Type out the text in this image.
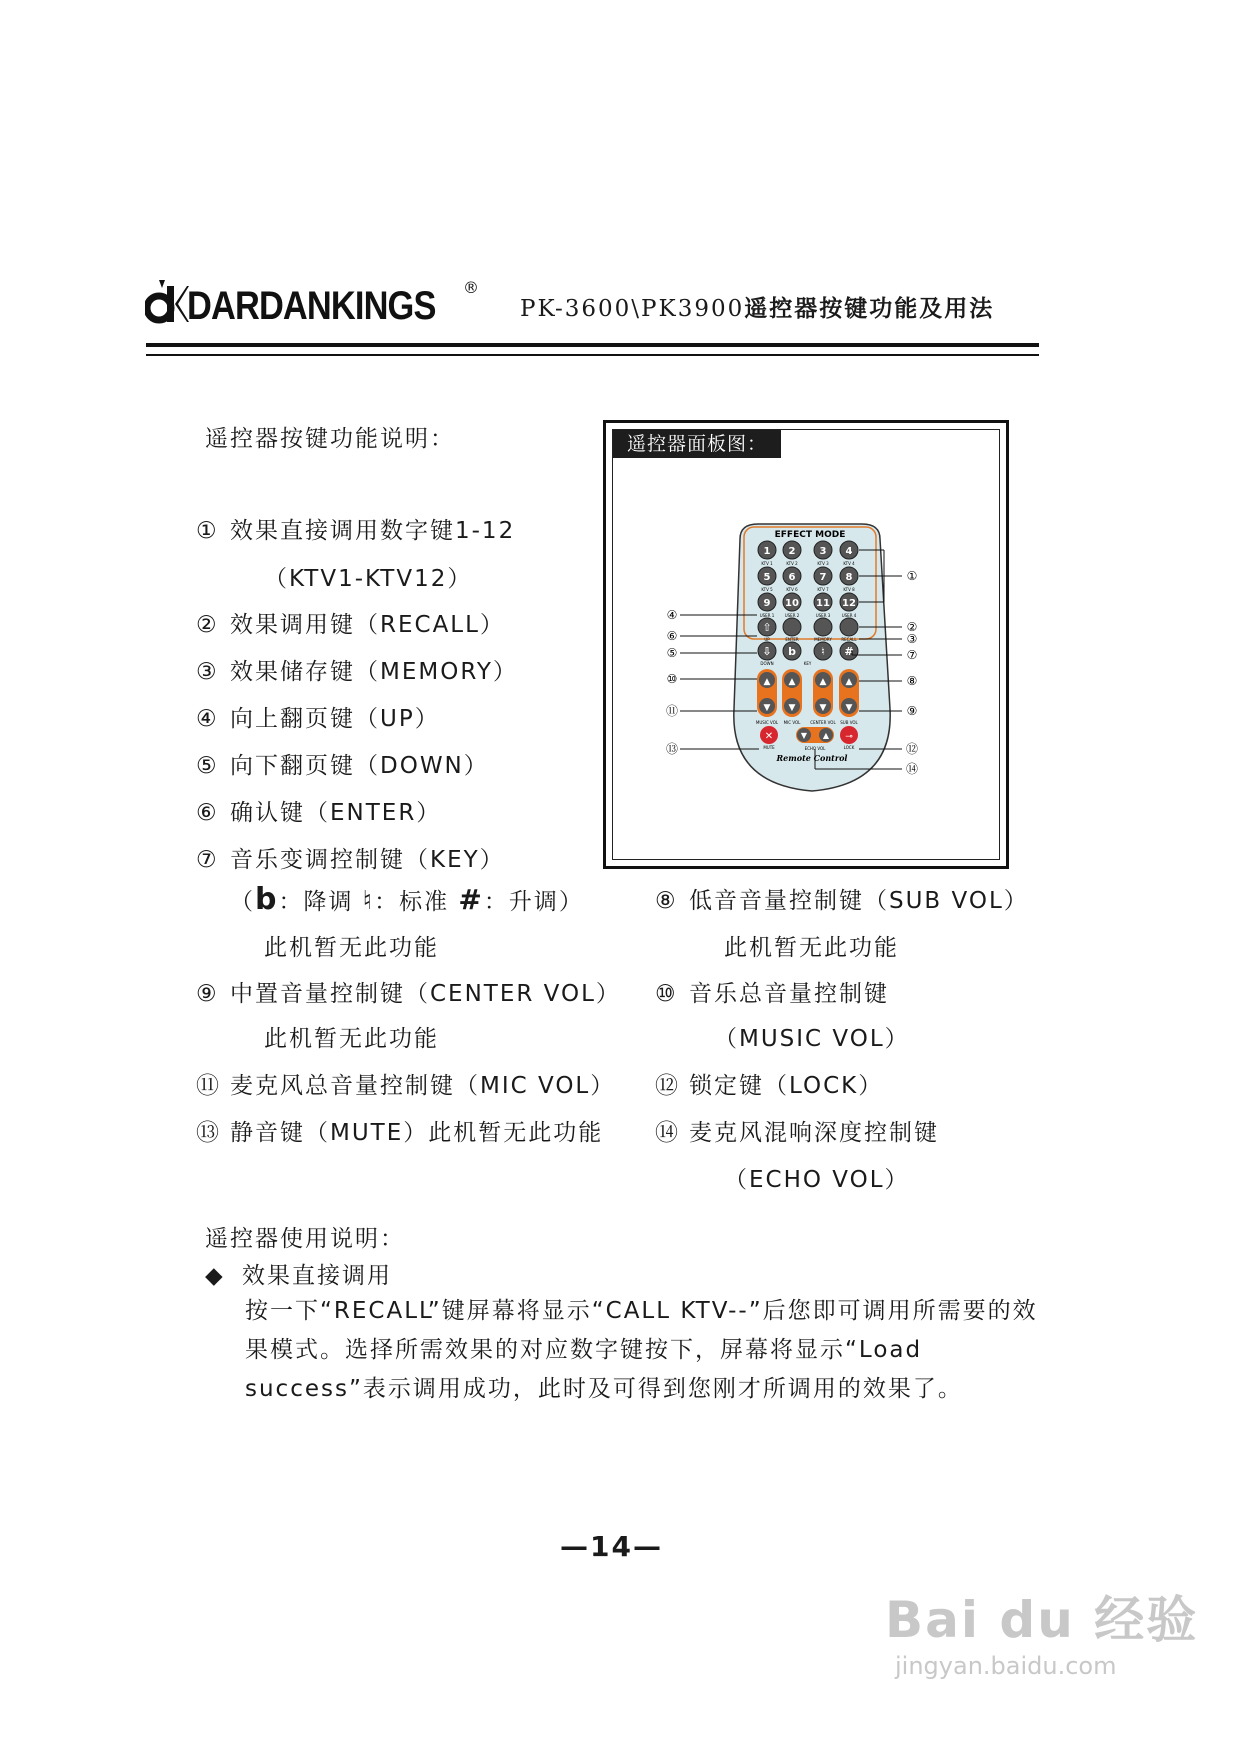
DARDANKINGS ®
PK-3600\PK3900遥控器按键功能及用法
遥控器按键功能说明：
① 效果直接调用数字键1-12
（KTV1-KTV12）
② 效果调用键（RECALL）
③ 效果储存键（MEMORY）
④ 向上翻页键（UP）
⑤ 向下翻页键（DOWN）
⑥ 确认键（ENTER）
⑦ 音乐变调控制键（KEY）
（b：降调 ♮：标准 #：升调）
此机暂无此功能
⑨ 中置音量控制键（CENTER VOL）
此机暂无此功能
⑪ 麦克风总音量控制键（MIC VOL）
⑬ 静音键（MUTE）此机暂无此功能
⑧ 低音音量控制键（SUB VOL）
此机暂无此功能
⑩ 音乐总音量控制键
（MUSIC VOL）
⑫ 锁定键（LOCK）
⑭ 麦克风混响深度控制键
（ECHO VOL）
EFFECT MODE
1
KTV 1
2
KTV 2
3
KTV 3
4
KTV 4
5
KTV 5
6
KTV 6
7
KTV 7
8
KTV 8
9
USER 1
10
USER 2
11
USER 3
12
USER 4
UP	ENTER	MEMORY RECALL
⇧
⇩ b ♮ #
DOWN	KEY
▲
▼
MUSIC VOL
▲
▼
MIC VOL
▲
▼
CENTER VOL
▲
▼
SUB VOL
✕
MUTE
▼ ▲
ECHO VOL
⊸
LOCK
Remote Control
④
⑥
⑤
⑩
⑪
⑬
①
②
③
⑦
⑧
⑨
⑫
⑭
遥控器面板图：
遥控器使用说明：
◆ 效果直接调用
按一下“RECALL”键屏幕将显示“CALL KTV--”后您即可调用所需要的效果模式。选择所需效果的对应数字键按下，屏幕将显示“Load success”表示调用成功，此时及可得到您刚才所调用的效果了。
—14—
Bai du 经验
jingyan.baidu.com
